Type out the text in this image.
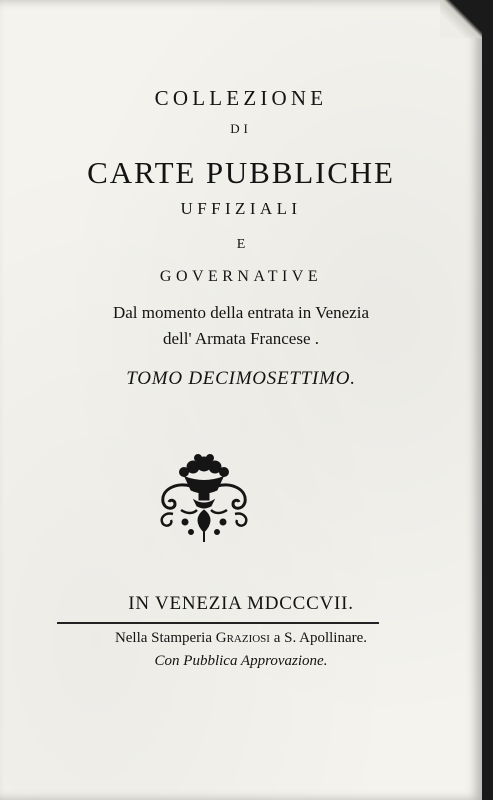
COLLEZIONE
DI
CARTE PUBBLICHE
UFFIZIALI
E
GOVERNATIVE
Dal momento della entrata in Venezia
dell' Armata Francese .
TOMO DECIMOSETTIMO.
IN VENEZIA MDCCCVII.
Nella Stamperia Graziosi a S. Apollinare.
Con Pubblica Approvazione.
